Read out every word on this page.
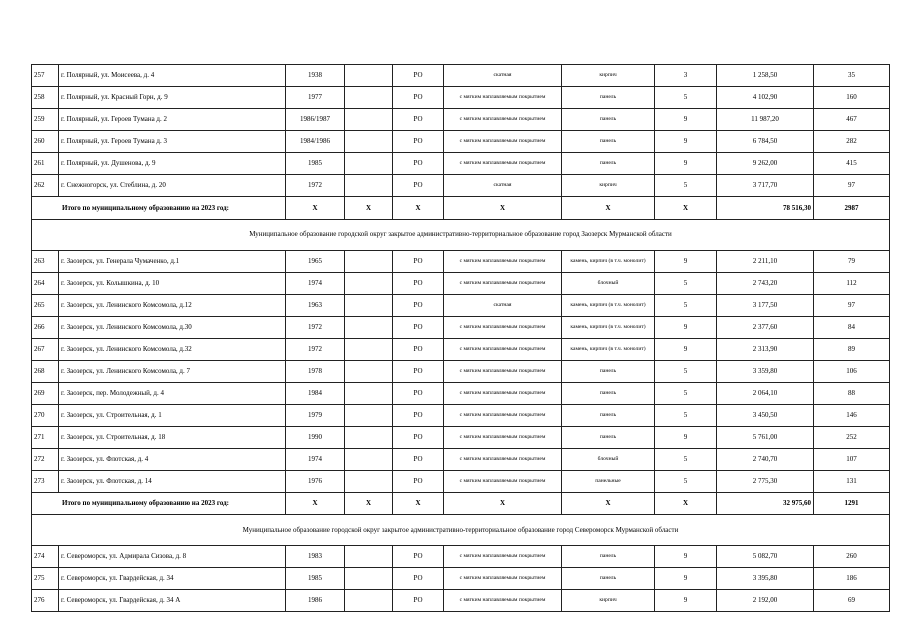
257	г. Полярный, ул. Моисеева, д. 4	1938		РО	скатная	кирпич	3	1 258,50	35
258	г. Полярный, ул. Красный Горн, д. 9	1977		РО	с мягким наплавляемым покрытием	панель	5	4 102,90	160
259	г. Полярный, ул. Героев Тумана д. 2	1986/1987		РО	с мягким наплавляемым покрытием	панель	9	11 987,20	467
260	г. Полярный, ул. Героев Тумана д. 3	1984/1986		РО	с мягким наплавляемым покрытием	панель	9	6 784,50	282
261	г. Полярный, ул. Душенова, д. 9	1985		РО	с мягким наплавляемым покрытием	панель	9	9 262,00	415
262	г. Снежногорск, ул. Стеблина, д. 20	1972		РО	скатная	кирпич	5	3 717,70	97
Итого по муниципальному образованию на 2023 год:		X	X	X	X	X	X	78 516,30	2987
Муниципальное образование городской округ закрытое административно-территориальное образование город Заозерск Мурманской области									
263	г. Заозерск, ул. Генерала Чумаченко, д.1	1965		РО	с мягким наплавляемым покрытием	камень, кирпич (в т.ч. монолит)	9	2 211,10	79
264	г. Заозерск, ул. Колышкина, д. 10	1974		РО	с мягким наплавляемым покрытием	блочный	5	2 743,20	112
265	г. Заозерск, ул. Ленинского Комсомола, д.12	1963		РО	скатная	камень, кирпич (в т.ч. монолит)	5	3 177,50	97
266	г. Заозерск, ул. Ленинского Комсомола, д.30	1972		РО	с мягким наплавляемым покрытием	камень, кирпич (в т.ч. монолит)	9	2 377,60	84
267	г. Заозерск, ул. Ленинского Комсомола, д.32	1972		РО	с мягким наплавляемым покрытием	камень, кирпич (в т.ч. монолит)	9	2 313,90	89
268	г. Заозерск, ул. Ленинского Комсомола, д. 7	1978		РО	с мягким наплавляемым покрытием	панель	5	3 359,80	106
269	г. Заозерск, пер. Молодежный, д. 4	1984		РО	с мягким наплавляемым покрытием	панель	5	2 064,10	88
270	г. Заозерск, ул. Строительная, д. 1	1979		РО	с мягким наплавляемым покрытием	панель	5	3 450,50	146
271	г. Заозерск, ул. Строительная, д. 18	1990		РО	с мягким наплавляемым покрытием	панель	9	5 761,00	252
272	г. Заозерск, ул. Флотская, д. 4	1974		РО	с мягким наплавляемым покрытием	блочный	5	2 740,70	107
273	г. Заозерск, ул. Флотская, д. 14	1976		РО	с мягким наплавляемым покрытием	панельные	5	2 775,30	131
Итого по муниципальному образованию на 2023 год:		X	X	X	X	X	X	32 975,60	1291
Муниципальное образование городской округ закрытое административно-территориальное образование город Североморск Мурманской области									
274	г. Североморск, ул. Адмирала Сизова, д. 8	1983		РО	с мягким наплавляемым покрытием	панель	9	5 082,70	260
275	г. Североморск, ул. Гвардейская, д. 34	1985		РО	с мягким наплавляемым покрытием	панель	9	3 395,80	186
276	г. Североморск, ул. Гвардейская, д. 34 А	1986		РО	с мягким наплавляемым покрытием	кирпич	9	2 192,00	69
